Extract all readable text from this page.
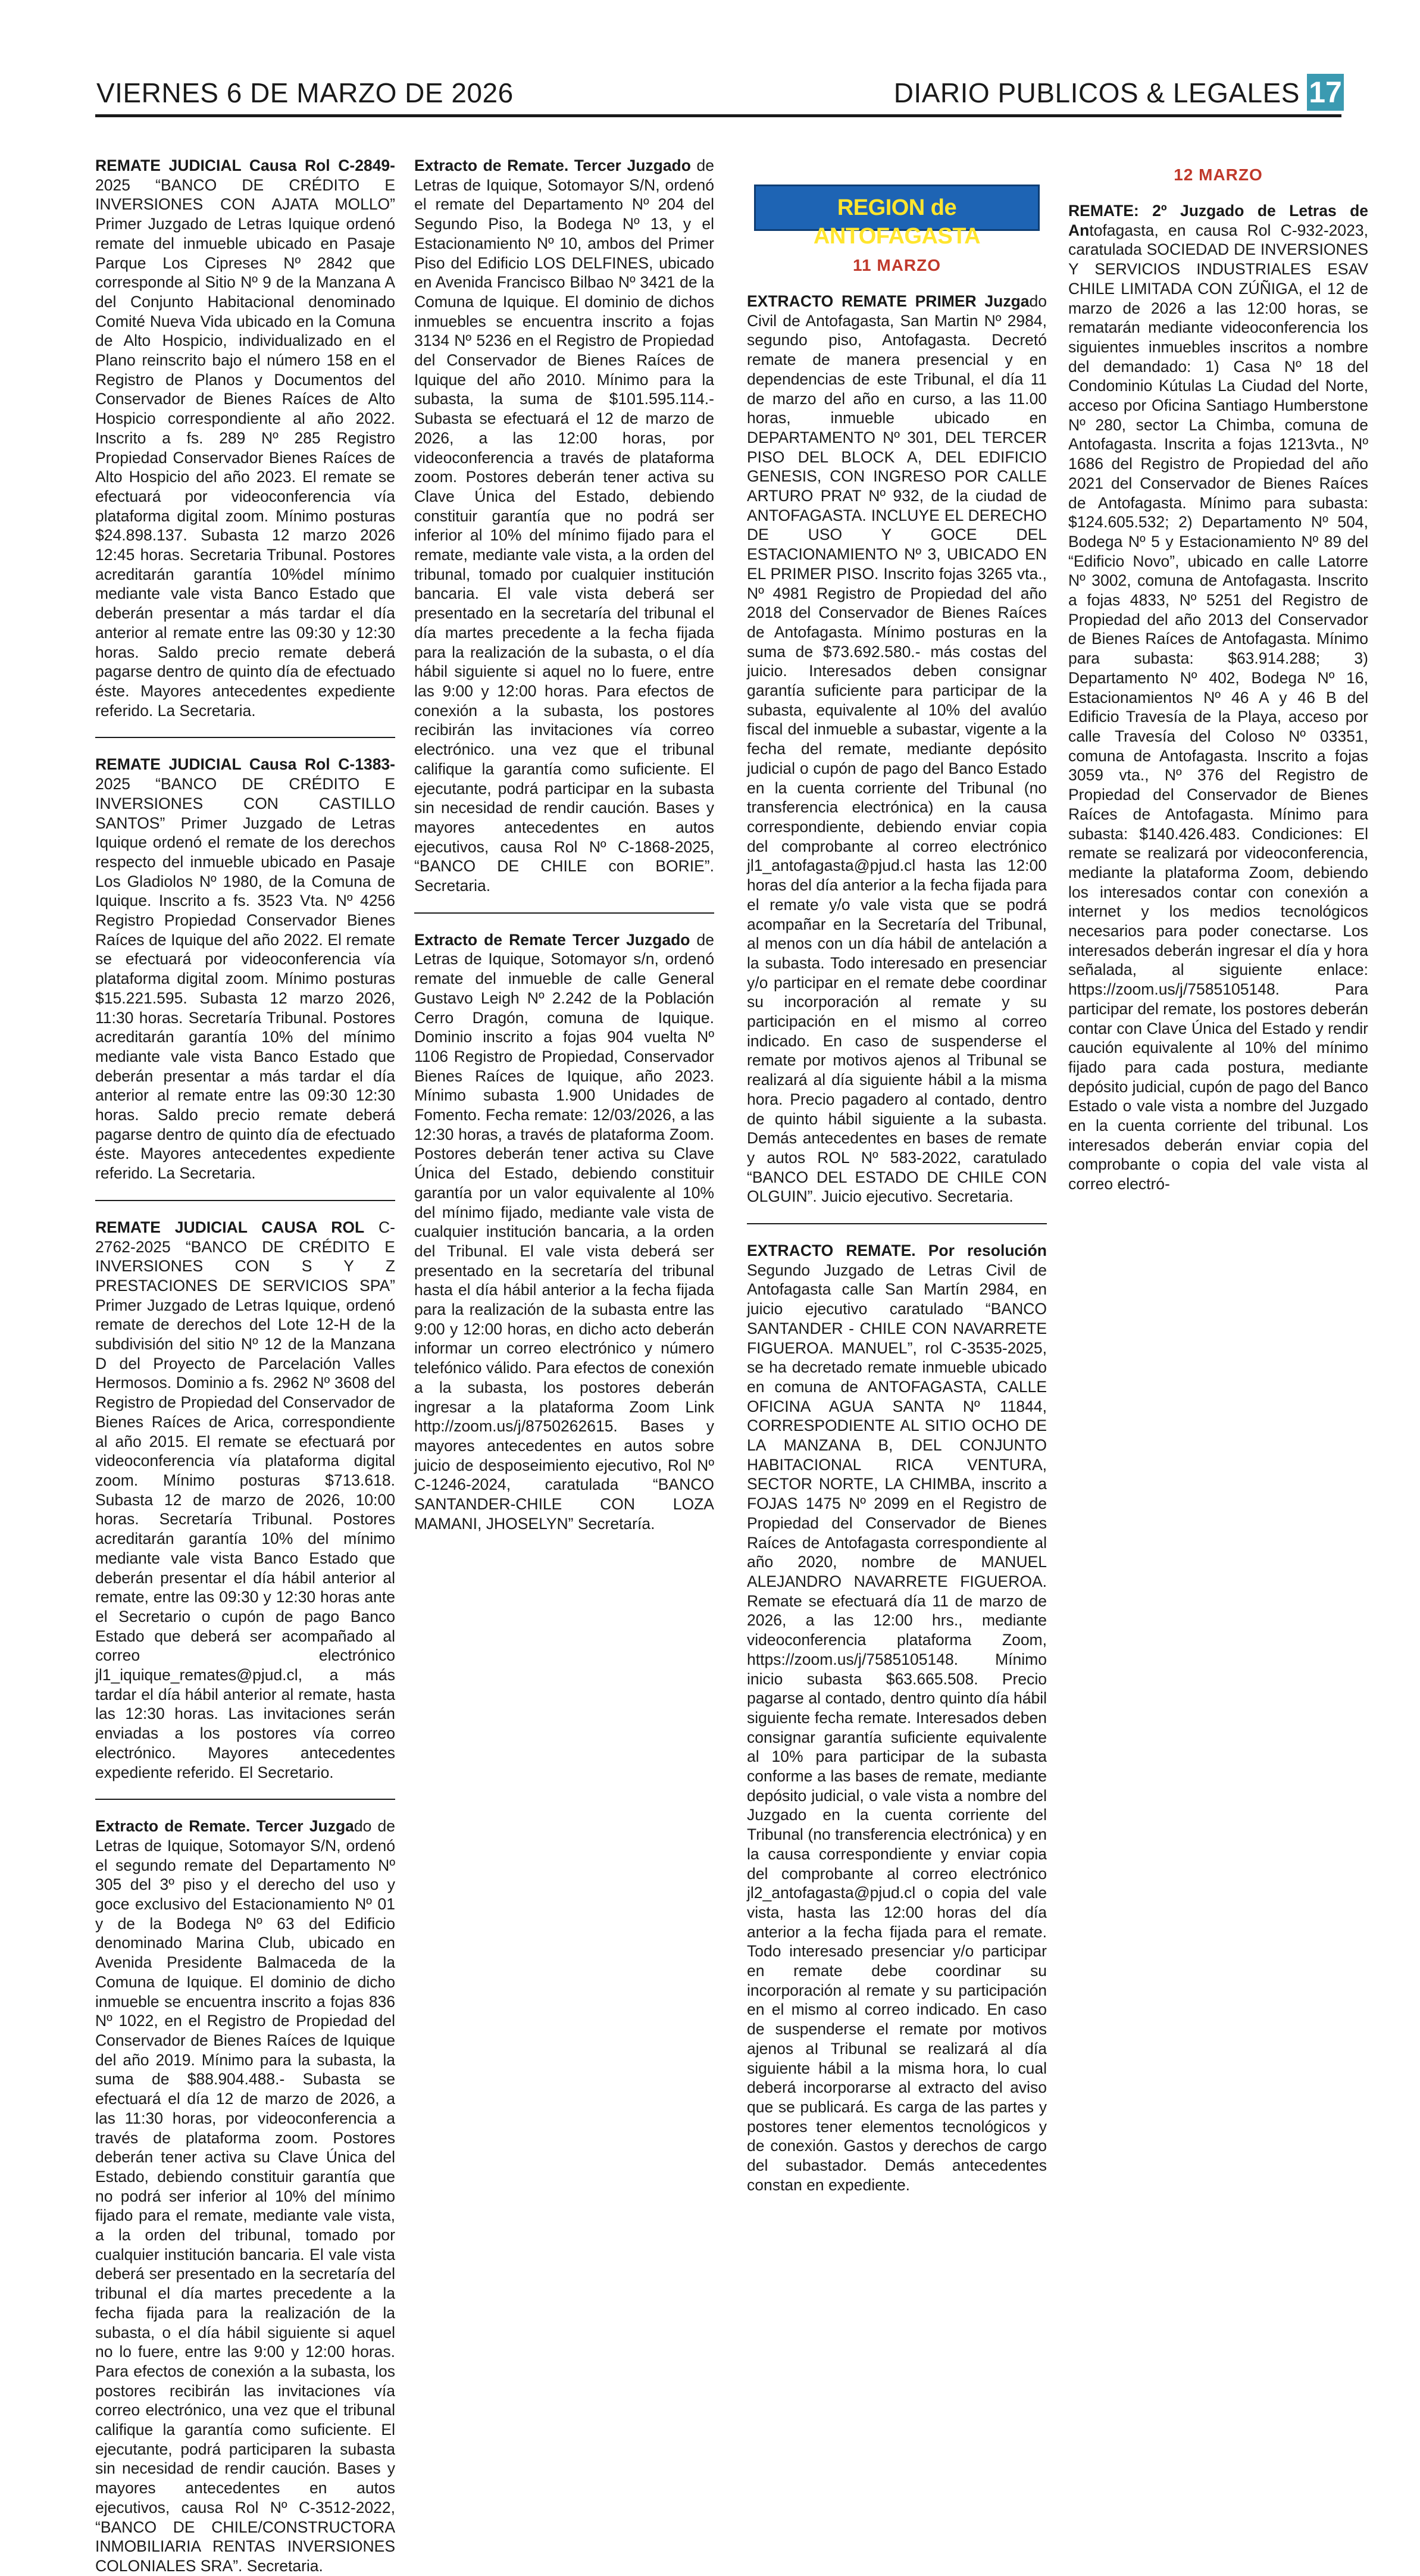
VIERNES 6 DE MARZO DE 2026	DIARIO PUBLICOS & LEGALES 17

REMATE JUDICIAL Causa Rol C-2849-2025 “BANCO DE CRÉDITO E INVERSIONES CON AJATA MOLLO” Primer Juzgado de Letras Iquique ordenó remate del inmueble ubicado en Pasaje Parque Los Cipreses Nº 2842 que corresponde al Sitio Nº 9 de la Manzana A del Conjunto Habitacional denominado Comité Nueva Vida ubicado en la Comuna de Alto Hospicio, individualizado en el Plano reinscrito bajo el número 158 en el Registro de Planos y Documentos del Conservador de Bienes Raíces de Alto Hospicio correspondiente al año 2022. Inscrito a fs. 289 Nº 285 Registro Propiedad Conservador Bienes Raíces de Alto Hospicio del año 2023. El remate se efectuará por videoconferencia vía plataforma digital zoom. Mínimo posturas $24.898.137. Subasta 12 marzo 2026 12:45 horas. Secretaria Tribunal. Postores acreditarán garantía 10%del mínimo mediante vale vista Banco Estado que deberán presentar a más tardar el día anterior al remate entre las 09:30 y 12:30 horas. Saldo precio remate deberá pagarse dentro de quinto día de efectuado éste. Mayores antecedentes expediente referido. La Secretaria.

REMATE JUDICIAL Causa Rol C-1383-2025 “BANCO DE CRÉDITO E INVERSIONES CON CASTILLO SANTOS” Primer Juzgado de Letras Iquique ordenó el remate de los derechos respecto del inmueble ubicado en Pasaje Los Gladiolos Nº 1980, de la Comuna de Iquique. Inscrito a fs. 3523 Vta. Nº 4256 Registro Propiedad Conservador Bienes Raíces de Iquique del año 2022. El remate se efectuará por videoconferencia vía plataforma digital zoom. Mínimo posturas $15.221.595. Subasta 12 marzo 2026, 11:30 horas. Secretaría Tribunal. Postores acreditarán garantía 10% del mínimo mediante vale vista Banco Estado que deberán presentar a más tardar el día anterior al remate entre las 09:30 12:30 horas. Saldo precio remate deberá pagarse dentro de quinto día de efectuado éste. Mayores antecedentes expediente referido. La Secretaria.

REMATE JUDICIAL CAUSA ROL C-2762-2025 “BANCO DE CRÉDITO E INVERSIONES CON S Y Z PRESTACIONES DE SERVICIOS SPA” Primer Juzgado de Letras Iquique, ordenó remate de derechos del Lote 12-H de la subdivisión del sitio Nº 12 de la Manzana D del Proyecto de Parcelación Valles Hermosos. Dominio a fs. 2962 Nº 3608 del Registro de Propiedad del Conservador de Bienes Raíces de Arica, correspondiente al año 2015. El remate se efectuará por videoconferencia vía plataforma digital zoom. Mínimo posturas $713.618. Subasta 12 de marzo de 2026, 10:00 horas. Secretaría Tribunal. Postores acreditarán garantía 10% del mínimo mediante vale vista Banco Estado que deberán presentar el día hábil anterior al remate, entre las 09:30 y 12:30 horas ante el Secretario o cupón de pago Banco Estado que deberá ser acompañado al correo electrónico jl1_iquique_remates@pjud.cl, a más tardar el día hábil anterior al remate, hasta las 12:30 horas. Las invitaciones serán enviadas a los postores vía correo electrónico. Mayores antecedentes expediente referido. El Secretario.

Extracto de Remate. Tercer Juzgado de Letras de Iquique, Sotomayor S/N, ordenó el segundo remate del Departamento Nº 305 del 3º piso y el derecho del uso y goce exclusivo del Estacionamiento Nº 01 y de la Bodega Nº 63 del Edificio denominado Marina Club, ubicado en Avenida Presidente Balmaceda de la Comuna de Iquique. El dominio de dicho inmueble se encuentra inscrito a fojas 836 Nº 1022, en el Registro de Propiedad del Conservador de Bienes Raíces de Iquique del año 2019. Mínimo para la subasta, la suma de $88.904.488.- Subasta se efectuará el día 12 de marzo de 2026, a las 11:30 horas, por videoconferencia a través de plataforma zoom. Postores deberán tener activa su Clave Única del Estado, debiendo constituir garantía que no podrá ser inferior al 10% del mínimo fijado para el remate, mediante vale vista, a la orden del tribunal, tomado por cualquier institución bancaria. El vale vista deberá ser presentado en la secretaría del tribunal el día martes precedente a la fecha fijada para la realización de la subasta, o el día hábil siguiente si aquel no lo fuere, entre las 9:00 y 12:00 horas. Para efectos de conexión a la subasta, los postores recibirán las invitaciones vía correo electrónico, una vez que el tribunal califique la garantía como suficiente. El ejecutante, podrá participaren la subasta sin necesidad de rendir caución. Bases y mayores antecedentes en autos ejecutivos, causa Rol Nº C-3512-2022, “BANCO DE CHILE/CONSTRUCTORA INMOBILIARIA RENTAS INVERSIONES COLONIALES SRA”. Secretaria.

Extracto de Remate. Tercer Juzgado de Letras de Iquique, Sotomayor S/N, ordenó el remate del Departamento Nº 204 del Segundo Piso, la Bodega Nº 13, y el Estacionamiento Nº 10, ambos del Primer Piso del Edificio LOS DELFINES, ubicado en Avenida Francisco Bilbao Nº 3421 de la Comuna de Iquique. El dominio de dichos inmuebles se encuentra inscrito a fojas 3134 Nº 5236 en el Registro de Propiedad del Conservador de Bienes Raíces de Iquique del año 2010. Mínimo para la subasta, la suma de $101.595.114.-Subasta se efectuará el 12 de marzo de 2026, a las 12:00 horas, por videoconferencia a través de plataforma zoom. Postores deberán tener activa su Clave Única del Estado, debiendo constituir garantía que no podrá ser inferior al 10% del mínimo fijado para el remate, mediante vale vista, a la orden del tribunal, tomado por cualquier institución bancaria. El vale vista deberá ser presentado en la secretaría del tribunal el día martes precedente a la fecha fijada para la realización de la subasta, o el día hábil siguiente si aquel no lo fuere, entre las 9:00 y 12:00 horas. Para efectos de conexión a la subasta, los postores recibirán las invitaciones vía correo electrónico. una vez que el tribunal califique la garantía como suficiente. El ejecutante, podrá participar en la subasta sin necesidad de rendir caución. Bases y mayores antecedentes en autos ejecutivos, causa Rol Nº C-1868-2025, “BANCO DE CHILE con BORIE”. Secretaria.

Extracto de Remate Tercer Juzgado de Letras de Iquique, Sotomayor s/n, ordenó remate del inmueble de calle General Gustavo Leigh Nº 2.242 de la Población Cerro Dragón, comuna de Iquique. Dominio inscrito a fojas 904 vuelta Nº 1106 Registro de Propiedad, Conservador Bienes Raíces de Iquique, año 2023. Mínimo subasta 1.900 Unidades de Fomento. Fecha remate: 12/03/2026, a las 12:30 horas, a través de plataforma Zoom. Postores deberán tener activa su Clave Única del Estado, debiendo constituir garantía por un valor equivalente al 10% del mínimo fijado, mediante vale vista de cualquier institución bancaria, a la orden del Tribunal. El vale vista deberá ser presentado en la secretaría del tribunal hasta el día hábil anterior a la fecha fijada para la realización de la subasta entre las 9:00 y 12:00 horas, en dicho acto deberán informar un correo electrónico y número telefónico válido. Para efectos de conexión a la subasta, los postores deberán ingresar a la plataforma Zoom Link http://zoom.us/j/8750262615. Bases y mayores antecedentes en autos sobre juicio de desposeimiento ejecutivo, Rol Nº C-1246-2024, caratulada “BANCO SANTANDER-CHILE CON LOZA MAMANI, JHOSELYN” Secretaría.

REGION de ANTOFAGASTA
11 MARZO

EXTRACTO REMATE PRIMER Juzgado Civil de Antofagasta, San Martin Nº 2984, segundo piso, Antofagasta. Decretó remate de manera presencial y en dependencias de este Tribunal, el día 11 de marzo del año en curso, a las 11.00 horas, inmueble ubicado en DEPARTAMENTO Nº 301, DEL TERCER PISO DEL BLOCK A, DEL EDIFICIO GENESIS, CON INGRESO POR CALLE ARTURO PRAT Nº 932, de la ciudad de ANTOFAGASTA. INCLUYE EL DERECHO DE USO Y GOCE DEL ESTACIONAMIENTO Nº 3, UBICADO EN EL PRIMER PISO. Inscrito fojas 3265 vta., Nº 4981 Registro de Propiedad del año 2018 del Conservador de Bienes Raíces de Antofagasta. Mínimo posturas en la suma de $73.692.580.- más costas del juicio. Interesados deben consignar garantía suficiente para participar de la subasta, equivalente al 10% del avalúo fiscal del inmueble a subastar, vigente a la fecha del remate, mediante depósito judicial o cupón de pago del Banco Estado en la cuenta corriente del Tribunal (no transferencia electrónica) en la causa correspondiente, debiendo enviar copia del comprobante al correo electrónico jl1_antofagasta@pjud.cl hasta las 12:00 horas del día anterior a la fecha fijada para el remate y/o vale vista que se podrá acompañar en la Secretaría del Tribunal, al menos con un día hábil de antelación a la subasta. Todo interesado en presenciar y/o participar en el remate debe coordinar su incorporación al remate y su participación en el mismo al correo indicado. En caso de suspenderse el remate por motivos ajenos al Tribunal se realizará al día siguiente hábil a la misma hora. Precio pagadero al contado, dentro de quinto hábil siguiente a la subasta. Demás antecedentes en bases de remate y autos ROL Nº 583-2022, caratulado “BANCO DEL ESTADO DE CHILE CON OLGUIN”. Juicio ejecutivo. Secretaria.

EXTRACTO REMATE. Por resolución Segundo Juzgado de Letras Civil de Antofagasta calle San Martín 2984, en juicio ejecutivo caratulado “BANCO SANTANDER - CHILE CON NAVARRETE FIGUEROA. MANUEL”, rol C-3535-2025, se ha decretado remate inmueble ubicado en comuna de ANTOFAGASTA, CALLE OFICINA AGUA SANTA Nº 11844, CORRESPODIENTE AL SITIO OCHO DE LA MANZANA B, DEL CONJUNTO HABITACIONAL RICA VENTURA, SECTOR NORTE, LA CHIMBA, inscrito a FOJAS 1475 Nº 2099 en el Registro de Propiedad del Conservador de Bienes Raíces de Antofagasta correspondiente al año 2020, nombre de MANUEL ALEJANDRO NAVARRETE FIGUEROA. Remate se efectuará día 11 de marzo de 2026, a las 12:00 hrs., mediante videoconferencia plataforma Zoom, https://zoom.us/j/7585105148. Mínimo inicio subasta $63.665.508. Precio pagarse al contado, dentro quinto día hábil siguiente fecha remate. Interesados deben consignar garantía suficiente equivalente al 10% para participar de la subasta conforme a las bases de remate, mediante depósito judicial, o vale vista a nombre del Juzgado en la cuenta corriente del Tribunal (no transferencia electrónica) y en la causa correspondiente y enviar copia del comprobante al correo electrónico jl2_antofagasta@pjud.cl o copia del vale vista, hasta las 12:00 horas del día anterior a la fecha fijada para el remate. Todo interesado presenciar y/o participar en remate debe coordinar su incorporación al remate y su participación en el mismo al correo indicado. En caso de suspenderse el remate por motivos ajenos aI Tribunal se realizará al día siguiente hábil a la misma hora, lo cual deberá incorporarse al extracto del aviso que se publicará. Es carga de las partes y postores tener elementos tecnológicos y de conexión. Gastos y derechos de cargo del subastador. Demás antecedentes constan en expediente.

12 MARZO

REMATE: 2º Juzgado de Letras de Antofagasta, en causa Rol C-932-2023, caratulada SOCIEDAD DE INVERSIONES Y SERVICIOS INDUSTRIALES ESAV CHILE LIMITADA CON ZÚÑIGA, el 12 de marzo de 2026 a las 12:00 horas, se rematarán mediante videoconferencia los siguientes inmuebles inscritos a nombre del demandado: 1) Casa Nº 18 del Condominio Kútulas La Ciudad del Norte, acceso por Oficina Santiago Humberstone Nº 280, sector La Chimba, comuna de Antofagasta. Inscrita a fojas 1213vta., Nº 1686 del Registro de Propiedad del año 2021 del Conservador de Bienes Raíces de Antofagasta. Mínimo para subasta: $124.605.532; 2) Departamento Nº 504, Bodega Nº 5 y Estacionamiento Nº 89 del “Edificio Novo”, ubicado en calle Latorre Nº 3002, comuna de Antofagasta. Inscrito a fojas 4833, Nº 5251 del Registro de Propiedad del año 2013 del Conservador de Bienes Raíces de Antofagasta. Mínimo para subasta: $63.914.288; 3) Departamento Nº 402, Bodega Nº 16, Estacionamientos Nº 46 A y 46 B del Edificio Travesía de la Playa, acceso por calle Travesía del Coloso Nº 03351, comuna de Antofagasta. Inscrito a fojas 3059 vta., Nº 376 del Registro de Propiedad del Conservador de Bienes Raíces de Antofagasta. Mínimo para subasta: $140.426.483. Condiciones: El remate se realizará por videoconferencia, mediante la plataforma Zoom, debiendo los interesados contar con conexión a internet y los medios tecnológicos necesarios para poder conectarse. Los interesados deberán ingresar el día y hora señalada, al siguiente enlace: https://zoom.us/j/7585105148. Para participar del remate, los postores deberán contar con Clave Única del Estado y rendir caución equivalente al 10% del mínimo fijado para cada postura, mediante depósito judicial, cupón de pago del Banco Estado o vale vista a nombre del Juzgado en la cuenta corriente del tribunal. Los interesados deberán enviar copia del comprobante o copia del vale vista al correo electró-
